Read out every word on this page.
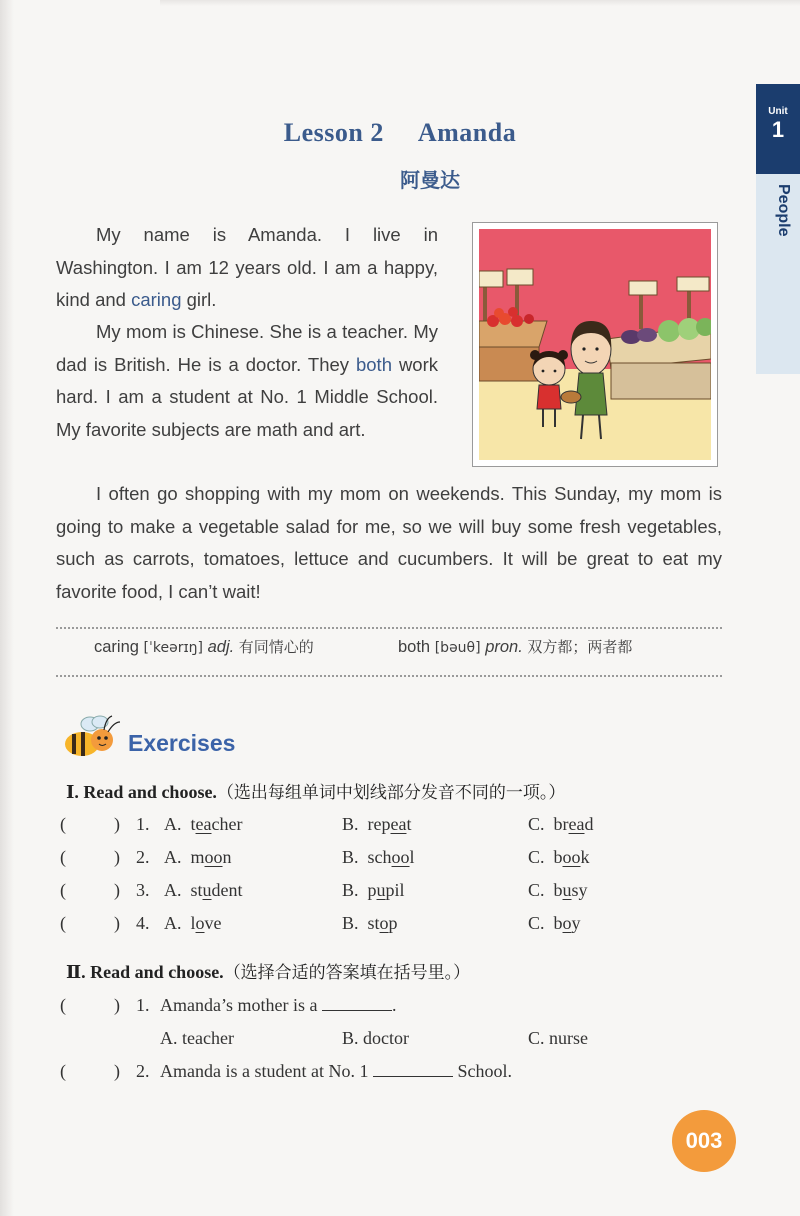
Unit
1
People
Lesson 2 Amanda
阿曼达

My name is Amanda. I live in Washington. I am 12 years old. I am a happy, kind and caring girl.

My mom is Chinese. She is a teacher. My dad is British. He is a doctor. They both work hard. I am a student at No. 1 Middle School. My favorite subjects are math and art.

I often go shopping with my mom on weekends. This Sunday, my mom is going to make a vegetable salad for me, so we will buy some fresh vegetables, such as carrots, tomatoes, lettuce and cucumbers. It will be great to eat my favorite food, I can’t wait!

caring [ˈkeərɪŋ] adj. 有同情心的	both [bəuθ] pron. 双方都；两者都
Exercises
Ⅰ. Read and choose.（选出每组单词中划线部分发音不同的一项。）
(	) 1. A. teacher	B. repeat	C. bread
(	) 2. A. moon	B. school	C. book
(	) 3. A. student	B. pupil	C. busy
(	) 4. A. love	B. stop	C. boy
Ⅱ. Read and choose.（选择合适的答案填在括号里。）
(	) 1. Amanda’s mother is a	.
A. teacher	B. doctor	C. nurse
(	) 2. Amanda is a student at No. 1	School.
003
